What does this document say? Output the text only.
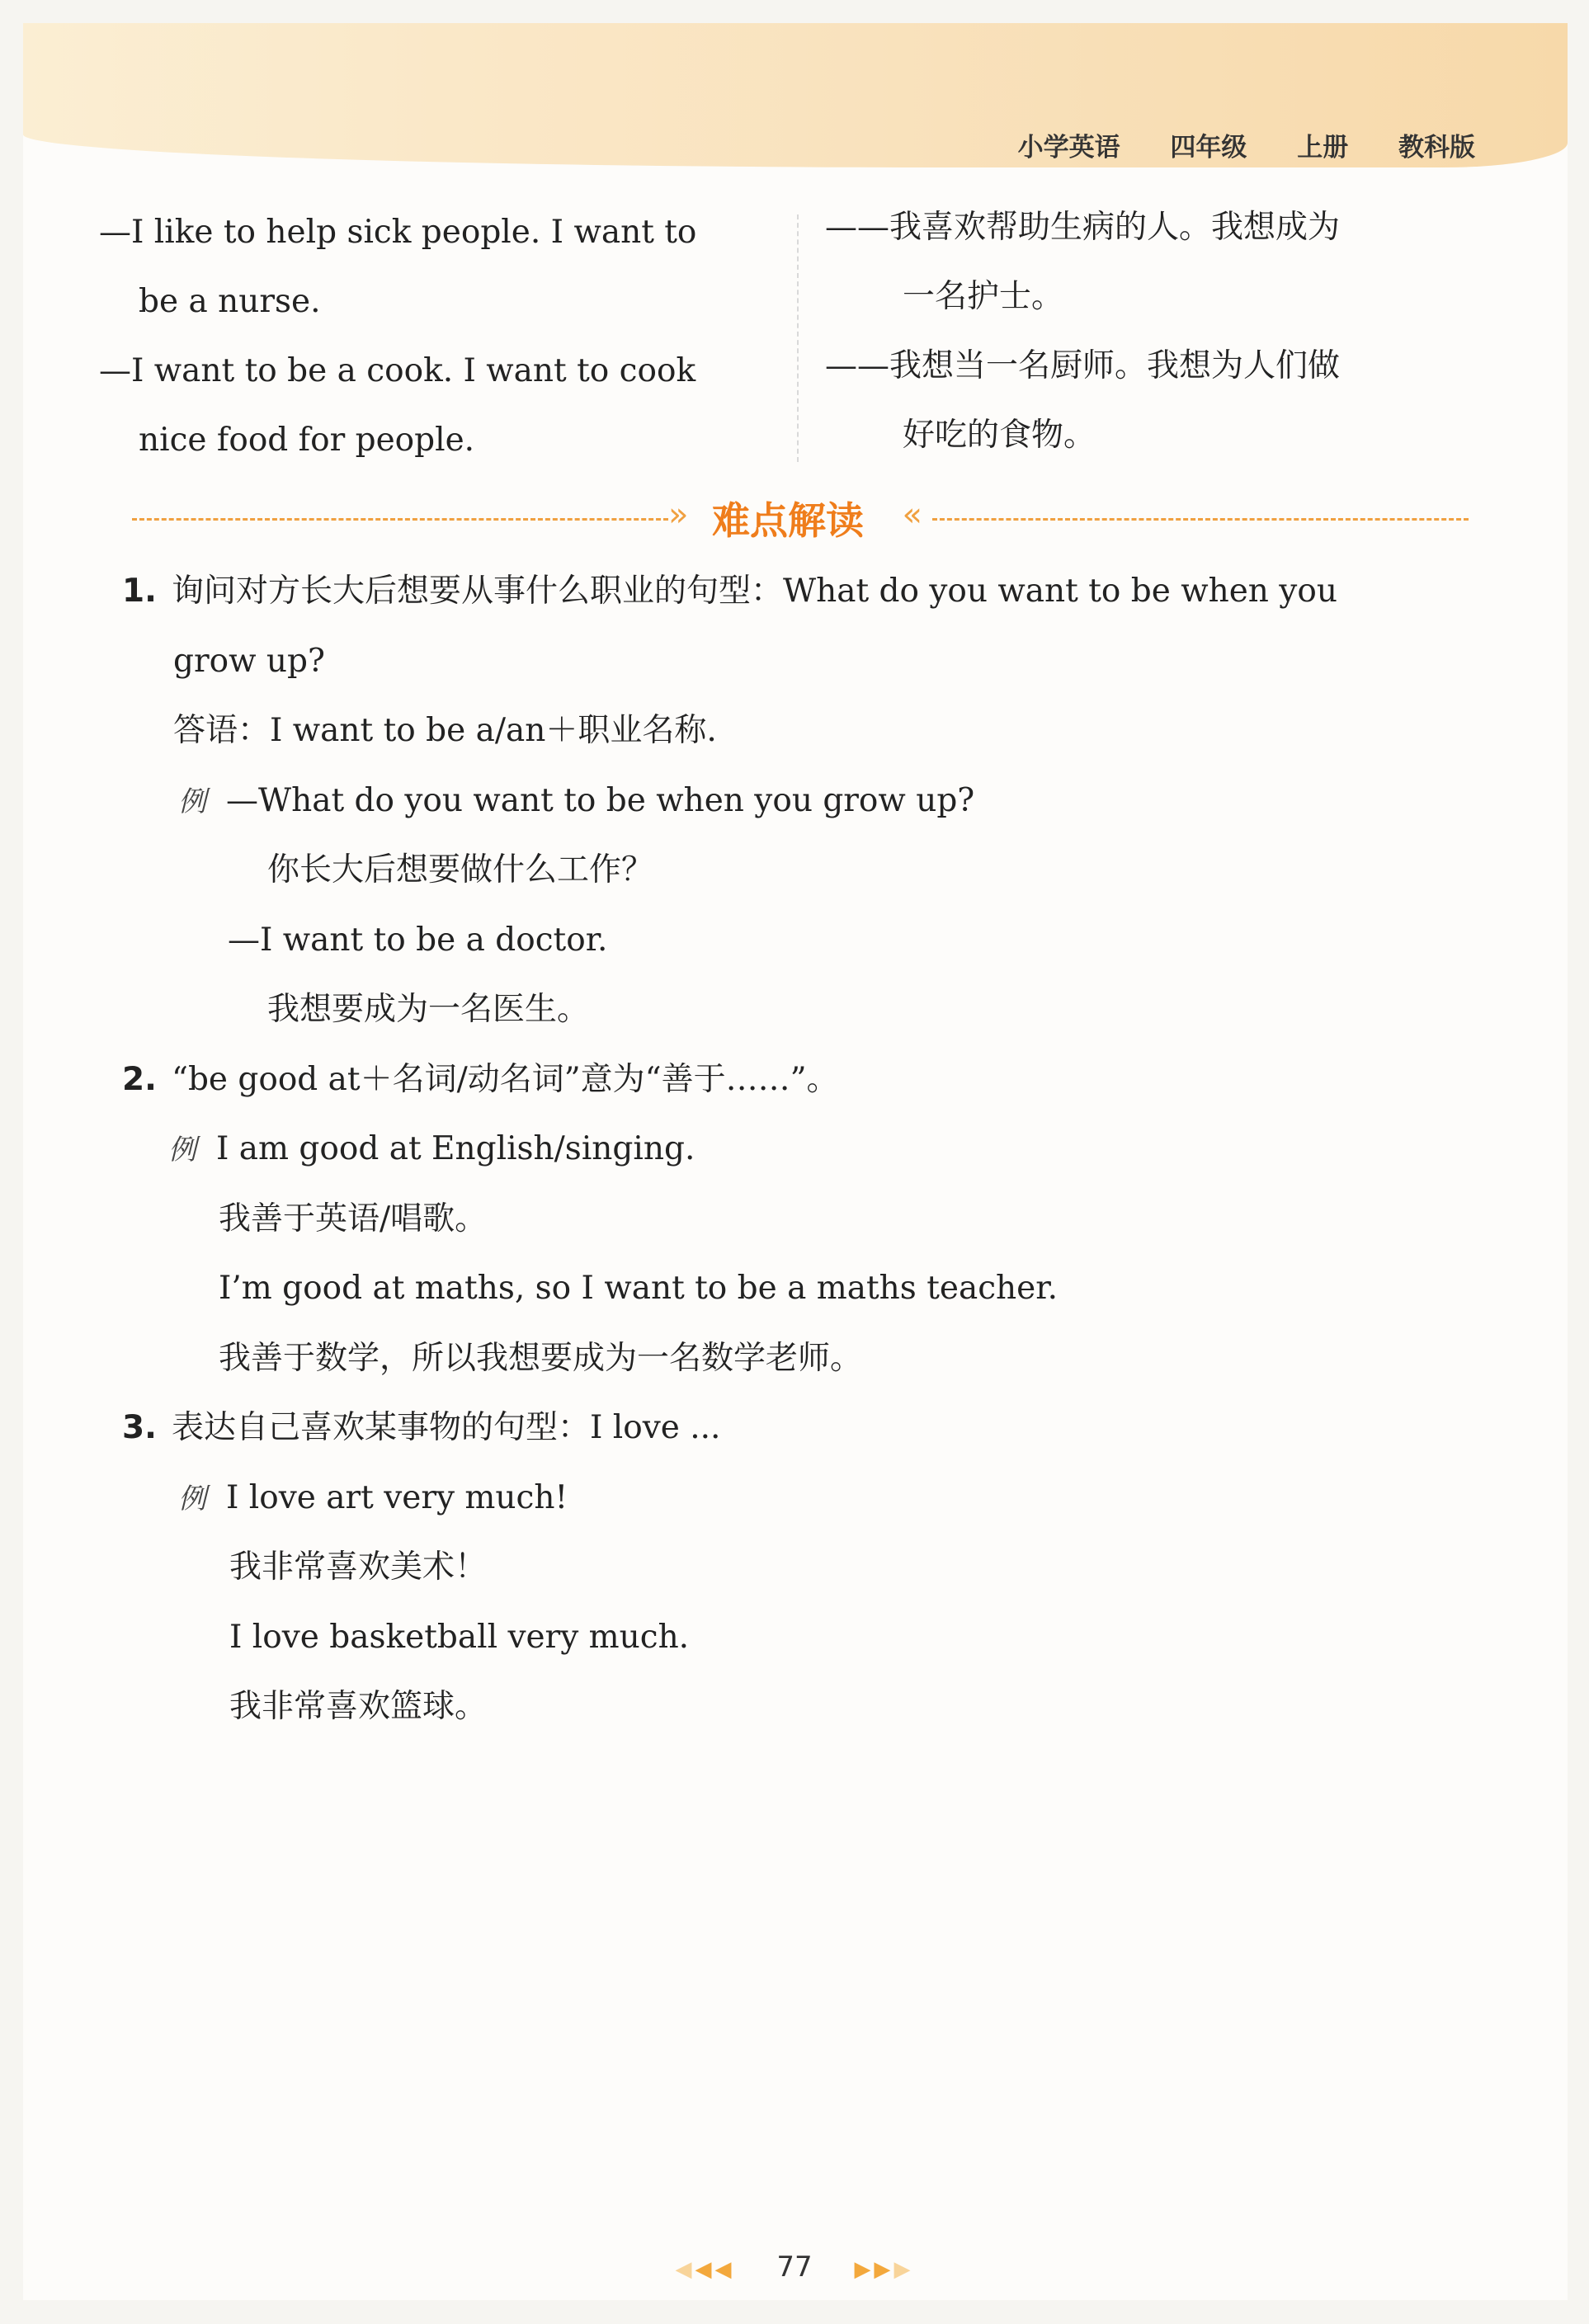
小学英语 四年级 上册 教科版
—I like to help sick people. I want to
be a nurse.
—I want to be a cook. I want to cook
nice food for people.
——我喜欢帮助生病的人。我想成为
一名护士。
——我想当一名厨师。我想为人们做
好吃的食物。
» 难点解读 «
1. 询问对方长大后想要从事什么职业的句型：What do you want to be when you
grow up?
答语：I want to be a/an＋职业名称.
例 —What do you want to be when you grow up?
你长大后想要做什么工作？
—I want to be a doctor.
我想要成为一名医生。
2. “be good at＋名词/动名词”意为“善于……”。
例 I am good at English/singing.
我善于英语/唱歌。
I’m good at maths, so I want to be a maths teacher.
我善于数学，所以我想要成为一名数学老师。
3. 表达自己喜欢某事物的句型：I love ...
例 I love art very much!
我非常喜欢美术！
I love basketball very much.
我非常喜欢篮球。
◀◀◀ 77 ▶▶▶
